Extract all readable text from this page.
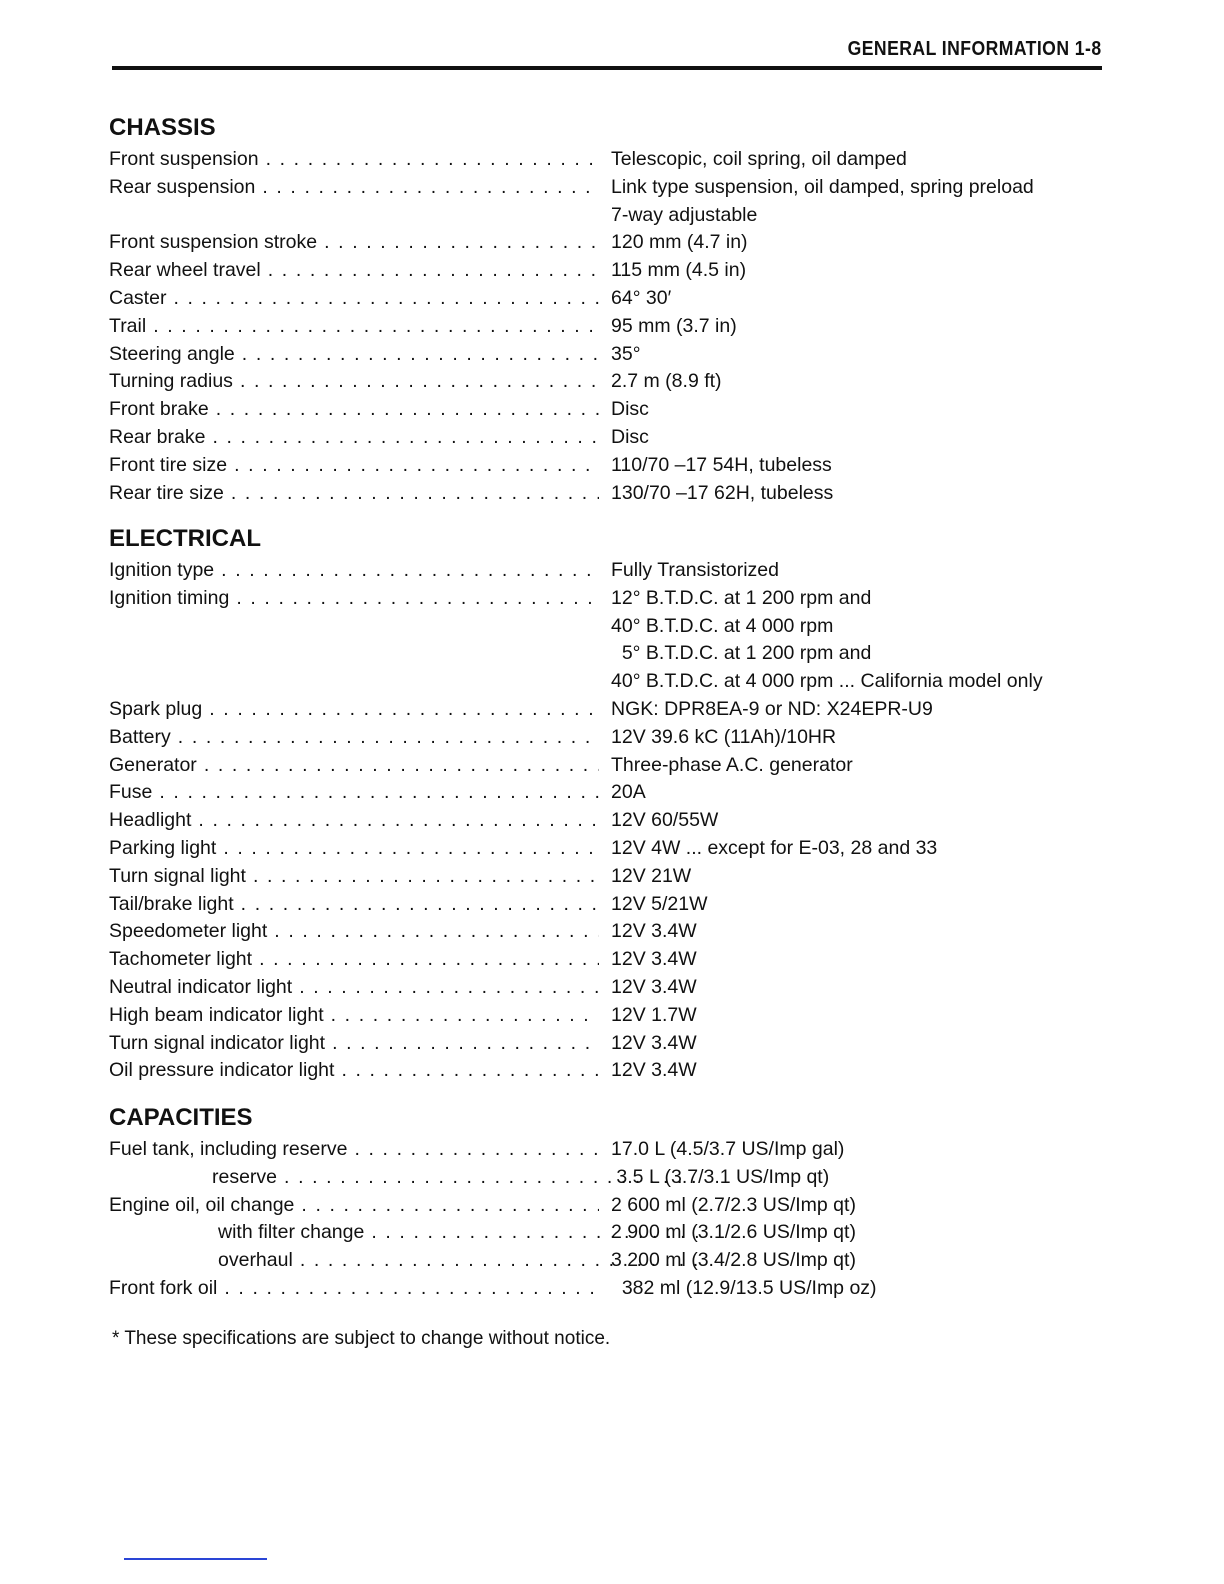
GENERAL INFORMATION 1-8
CHASSIS
Front suspension . . .	Telescopic, coil spring, oil damped
Rear suspension . . .	Link type suspension, oil damped, spring preload
7-way adjustable
Front suspension stroke . . .	120 mm (4.7 in)
Rear wheel travel . . .	115 mm (4.5 in)
Caster . . .	64° 30′
Trail . . .	95 mm (3.7 in)
Steering angle . . .	35°
Turning radius . . .	2.7 m (8.9 ft)
Front brake . . .	Disc
Rear brake . . .	Disc
Front tire size . . .	110/70 –17 54H, tubeless
Rear tire size . . .	130/70 –17 62H, tubeless
ELECTRICAL
Ignition type . . .	Fully Transistorized
Ignition timing . . .	12° B.T.D.C. at 1 200 rpm and
40° B.T.D.C. at 4 000 rpm
5° B.T.D.C. at 1 200 rpm and
40° B.T.D.C. at 4 000 rpm ... California model only
Spark plug . . .	NGK: DPR8EA-9 or ND: X24EPR-U9
Battery . . .	12V 39.6 kC (11Ah)/10HR
Generator . . .	Three-phase A.C. generator
Fuse . . .	20A
Headlight . . .	12V 60/55W
Parking light . . .	12V 4W ... except for E-03, 28 and 33
Turn signal light . . .	12V 21W
Tail/brake light . . .	12V 5/21W
Speedometer light . . .	12V 3.4W
Tachometer light . . .	12V 3.4W
Neutral indicator light . . .	12V 3.4W
High beam indicator light . . .	12V 1.7W
Turn signal indicator light . . .	12V 3.4W
Oil pressure indicator light . . .	12V 3.4W
CAPACITIES
Fuel tank, including reserve . . .	17.0 L (4.5/3.7 US/Imp gal)
reserve . . .	3.5 L (3.7/3.1 US/Imp qt)
Engine oil, oil change . . .	2 600 ml (2.7/2.3 US/Imp qt)
with filter change . . .	2 900 ml (3.1/2.6 US/Imp qt)
overhaul . . .	3 200 ml (3.4/2.8 US/Imp qt)
Front fork oil . . .	382 ml (12.9/13.5 US/Imp oz)
* These specifications are subject to change without notice.
